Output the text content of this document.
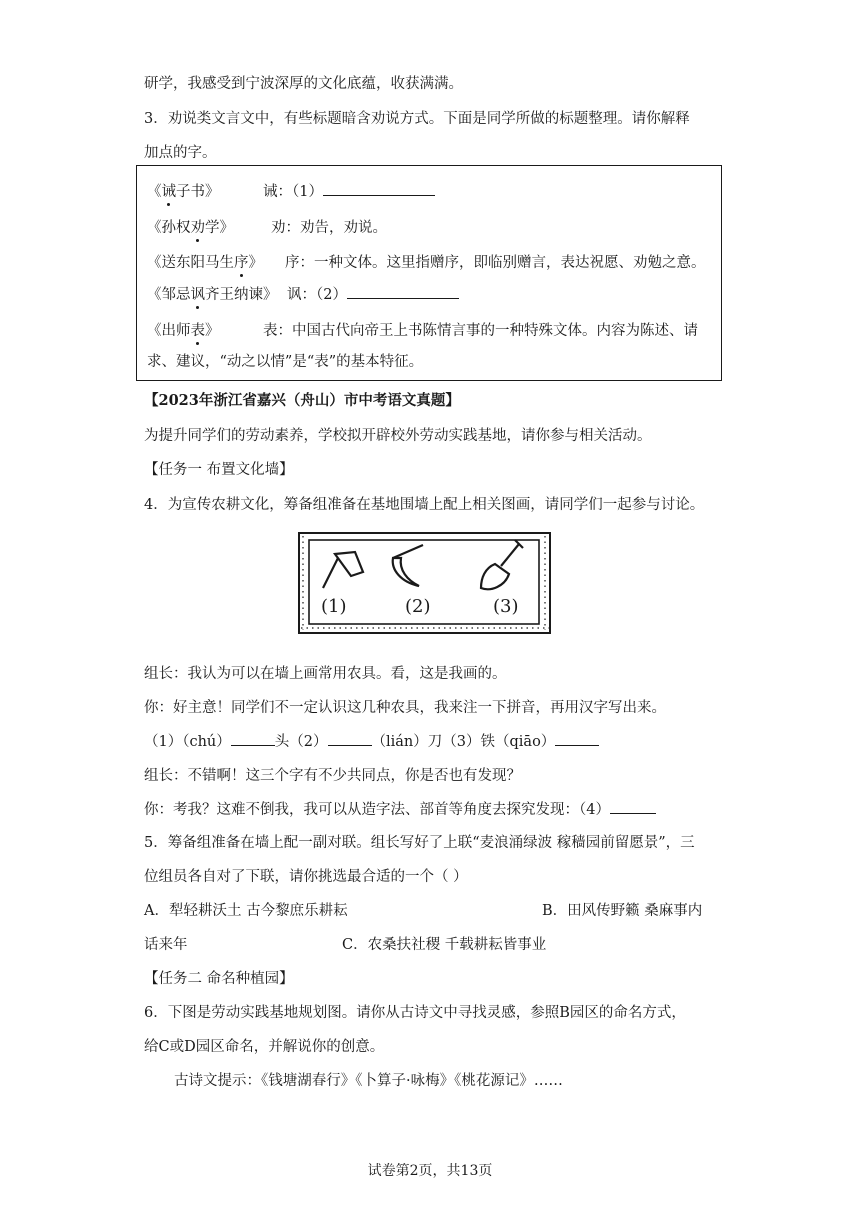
研学，我感受到宁波深厚的文化底蕴，收获满满。
3．劝说类文言文中，有些标题暗含劝说方式。下面是同学所做的标题整理。请你解释
加点的字。
《诫子书》	诫：（1）
《孙权劝学》	劝：劝告，劝说。
《送东阳马生序》 序：一种文体。这里指赠序，即临别赠言，表达祝愿、劝勉之意。
《邹忌讽齐王纳谏》 讽：（2）
《出师表》	表：中国古代向帝王上书陈情言事的一种特殊文体。内容为陈述、请
求、建议，“动之以情”是“表”的基本特征。
【2023年浙江省嘉兴（舟山）市中考语文真题】
为提升同学们的劳动素养，学校拟开辟校外劳动实践基地，请你参与相关活动。
【任务一 布置文化墙】
4．为宣传农耕文化，筹备组准备在基地围墙上配上相关图画，请同学们一起参与讨论。
(1)	(2)	(3)
组长：我认为可以在墙上画常用农具。看，这是我画的。
你：好主意！同学们不一定认识这几种农具，我来注一下拼音，再用汉字写出来。
（1）（chú）	头（2）	（lián）刀（3）铁（qiāo）
组长：不错啊！这三个字有不少共同点，你是否也有发现？
你：考我？这难不倒我，我可以从造字法、部首等角度去探究发现：（4）
5．筹备组准备在墙上配一副对联。组长写好了上联“麦浪涌绿波 稼穑园前留愿景”，三
位组员各自对了下联，请你挑选最合适的一个（ ）
A．犁轻耕沃土 古今黎庶乐耕耘	B．田风传野籁 桑麻事内
话来年	C．农桑扶社稷 千载耕耘皆事业
【任务二 命名种植园】
6．下图是劳动实践基地规划图。请你从古诗文中寻找灵感，参照B园区的命名方式，
给C或D园区命名，并解说你的创意。
古诗文提示：《钱塘湖春行》《卜算子·咏梅》《桃花源记》……
试卷第2页，共13页
